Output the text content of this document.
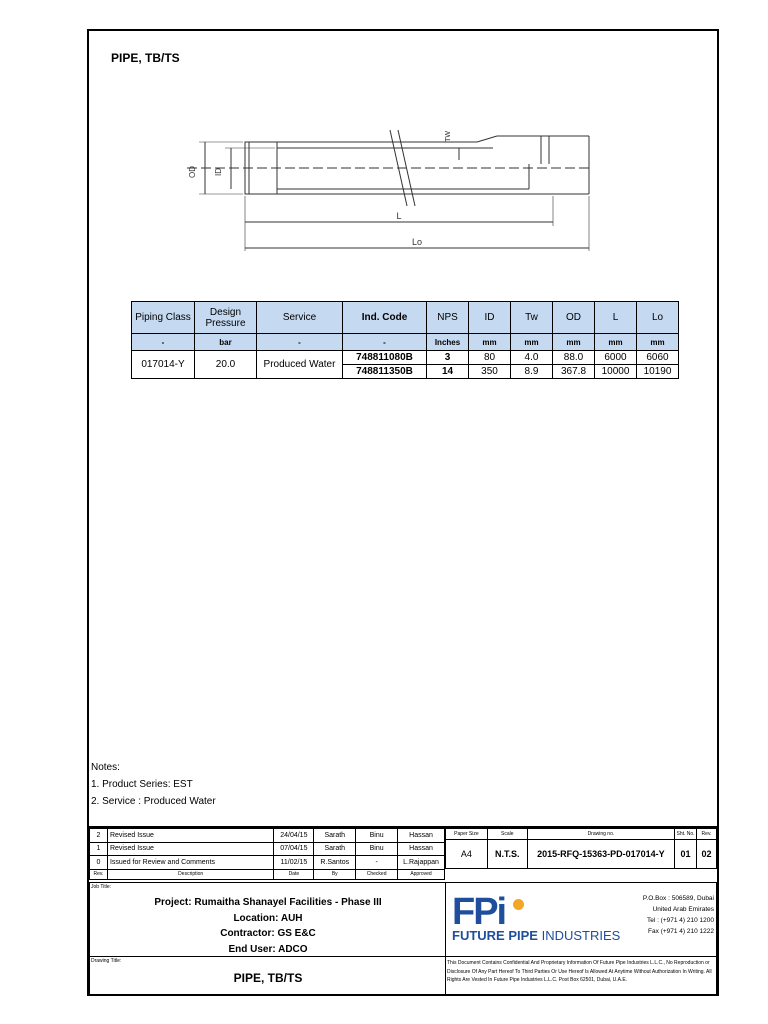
PIPE, TB/TS
OD ID
TW
L
Lo
Piping Class	Design Pressure	Service	Ind. Code	NPS	ID	Tw	OD	L	Lo
-	bar	-	-	Inches	mm	mm	mm	mm	mm
017014-Y	20.0	Produced Water	748811080B	3	80	4.0	88.0	6000	6060
			748811350B	14	350	8.9	367.8	10000	10190
Notes:
1. Product Series: EST
2. Service : Produced Water
2	Revised Issue	24/04/15	Sarath	Binu	Hassan
1	Revised Issue	07/04/15	Sarath	Binu	Hassan
0	Issued for Review and Comments	11/02/15	R.Santos	-	L.Rajappan
Rev.	Description	Date	By	Checked	Approved
Paper Size	Scale	Drawing no.	Sht. No.	Rev.
A4	N.T.S.	2015-RFQ-15363-PD-017014-Y	01	02
Job Title:
Project: Rumaitha Shanayel Facilities - Phase III
Location: AUH
Contractor: GS E&C
End User: ADCO
Drawing Title:
PIPE, TB/TS
FPi
FUTURE PIPE INDUSTRIES
P.O.Box : 506589, Dubai
United Arab Emirates
Tel : (+971 4) 210 1200
Fax (+971 4) 210 1222
This Document Contains Confidential And Proprietary Information Of Future Pipe Industries L.L.C., No Reproduction or Disclosure Of Any Part Hereof To Third Parties Or Use Hereof Is Allowed At Anytime Without Authorization In Writing. All Rights Are Vested In Future Pipe Industries L.L.C. Post Box 62501, Dubai, U.A.E.
